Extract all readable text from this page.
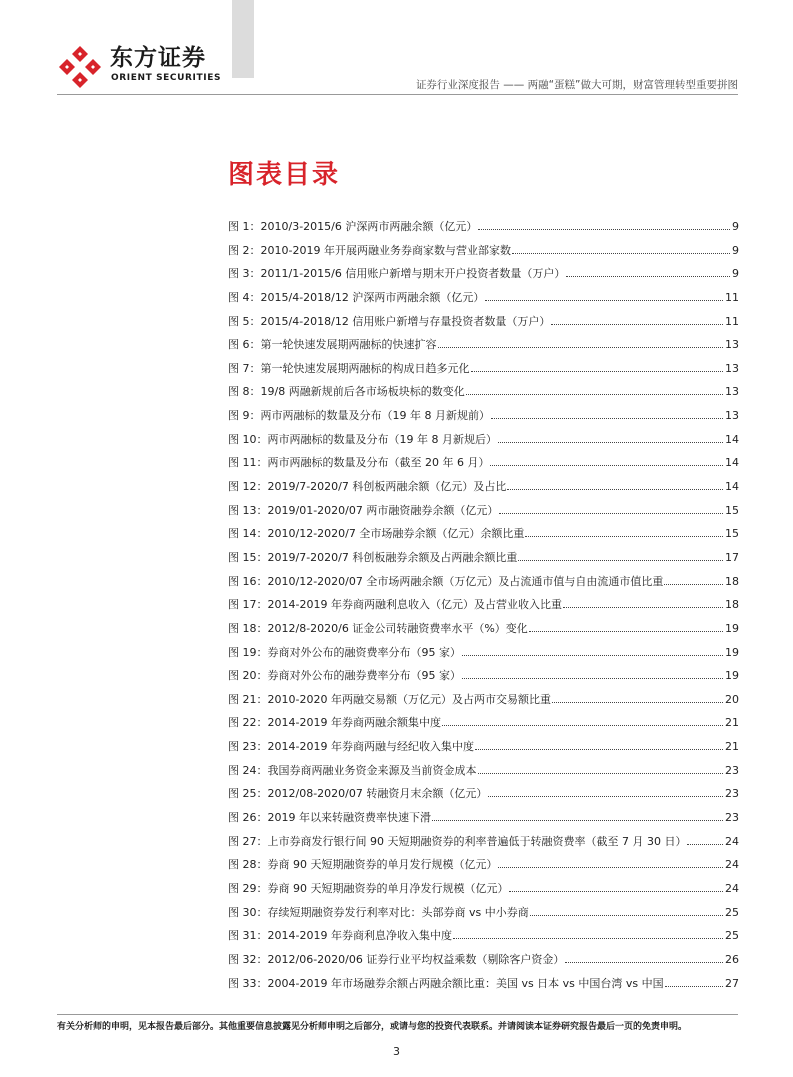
东方证券
ORIENT SECURITIES
证券行业深度报告 —— 两融“蛋糕”做大可期，财富管理转型重要拼图
图表目录
图 1：2010/3-2015/6 沪深两市两融余额（亿元）	9
图 2：2010-2019 年开展两融业务券商家数与营业部家数	9
图 3：2011/1-2015/6 信用账户新增与期末开户投资者数量（万户）	9
图 4：2015/4-2018/12 沪深两市两融余额（亿元）	11
图 5：2015/4-2018/12 信用账户新增与存量投资者数量（万户）	11
图 6：第一轮快速发展期两融标的快速扩容	13
图 7：第一轮快速发展期两融标的构成日趋多元化	13
图 8：19/8 两融新规前后各市场板块标的数变化	13
图 9：两市两融标的数量及分布（19 年 8 月新规前）	13
图 10：两市两融标的数量及分布（19 年 8 月新规后）	14
图 11：两市两融标的数量及分布（截至 20 年 6 月）	14
图 12：2019/7-2020/7 科创板两融余额（亿元）及占比	14
图 13：2019/01-2020/07 两市融资融券余额（亿元）	15
图 14：2010/12-2020/7 全市场融券余额（亿元）余额比重	15
图 15：2019/7-2020/7 科创板融券余额及占两融余额比重	17
图 16：2010/12-2020/07 全市场两融余额（万亿元）及占流通市值与自由流通市值比重	18
图 17：2014-2019 年券商两融利息收入（亿元）及占营业收入比重	18
图 18：2012/8-2020/6 证金公司转融资费率水平（%）变化	19
图 19：券商对外公布的融资费率分布（95 家）	19
图 20：券商对外公布的融券费率分布（95 家）	19
图 21：2010-2020 年两融交易额（万亿元）及占两市交易额比重	20
图 22：2014-2019 年券商两融余额集中度	21
图 23：2014-2019 年券商两融与经纪收入集中度	21
图 24：我国券商两融业务资金来源及当前资金成本	23
图 25：2012/08-2020/07 转融资月末余额（亿元）	23
图 26：2019 年以来转融资费率快速下滑	23
图 27：上市券商发行银行间 90 天短期融资券的利率普遍低于转融资费率（截至 7 月 30 日）	24
图 28：券商 90 天短期融资券的单月发行规模（亿元）	24
图 29：券商 90 天短期融资券的单月净发行规模（亿元）	24
图 30：存续短期融资券发行利率对比：头部券商 vs 中小券商	25
图 31：2014-2019 年券商利息净收入集中度	25
图 32：2012/06-2020/06 证券行业平均权益乘数（剔除客户资金）	26
图 33：2004-2019 年市场融券余额占两融余额比重：美国 vs 日本 vs 中国台湾 vs 中国	27
有关分析师的申明，见本报告最后部分。其他重要信息披露见分析师申明之后部分，或请与您的投资代表联系。并请阅读本证券研究报告最后一页的免责申明。
3
